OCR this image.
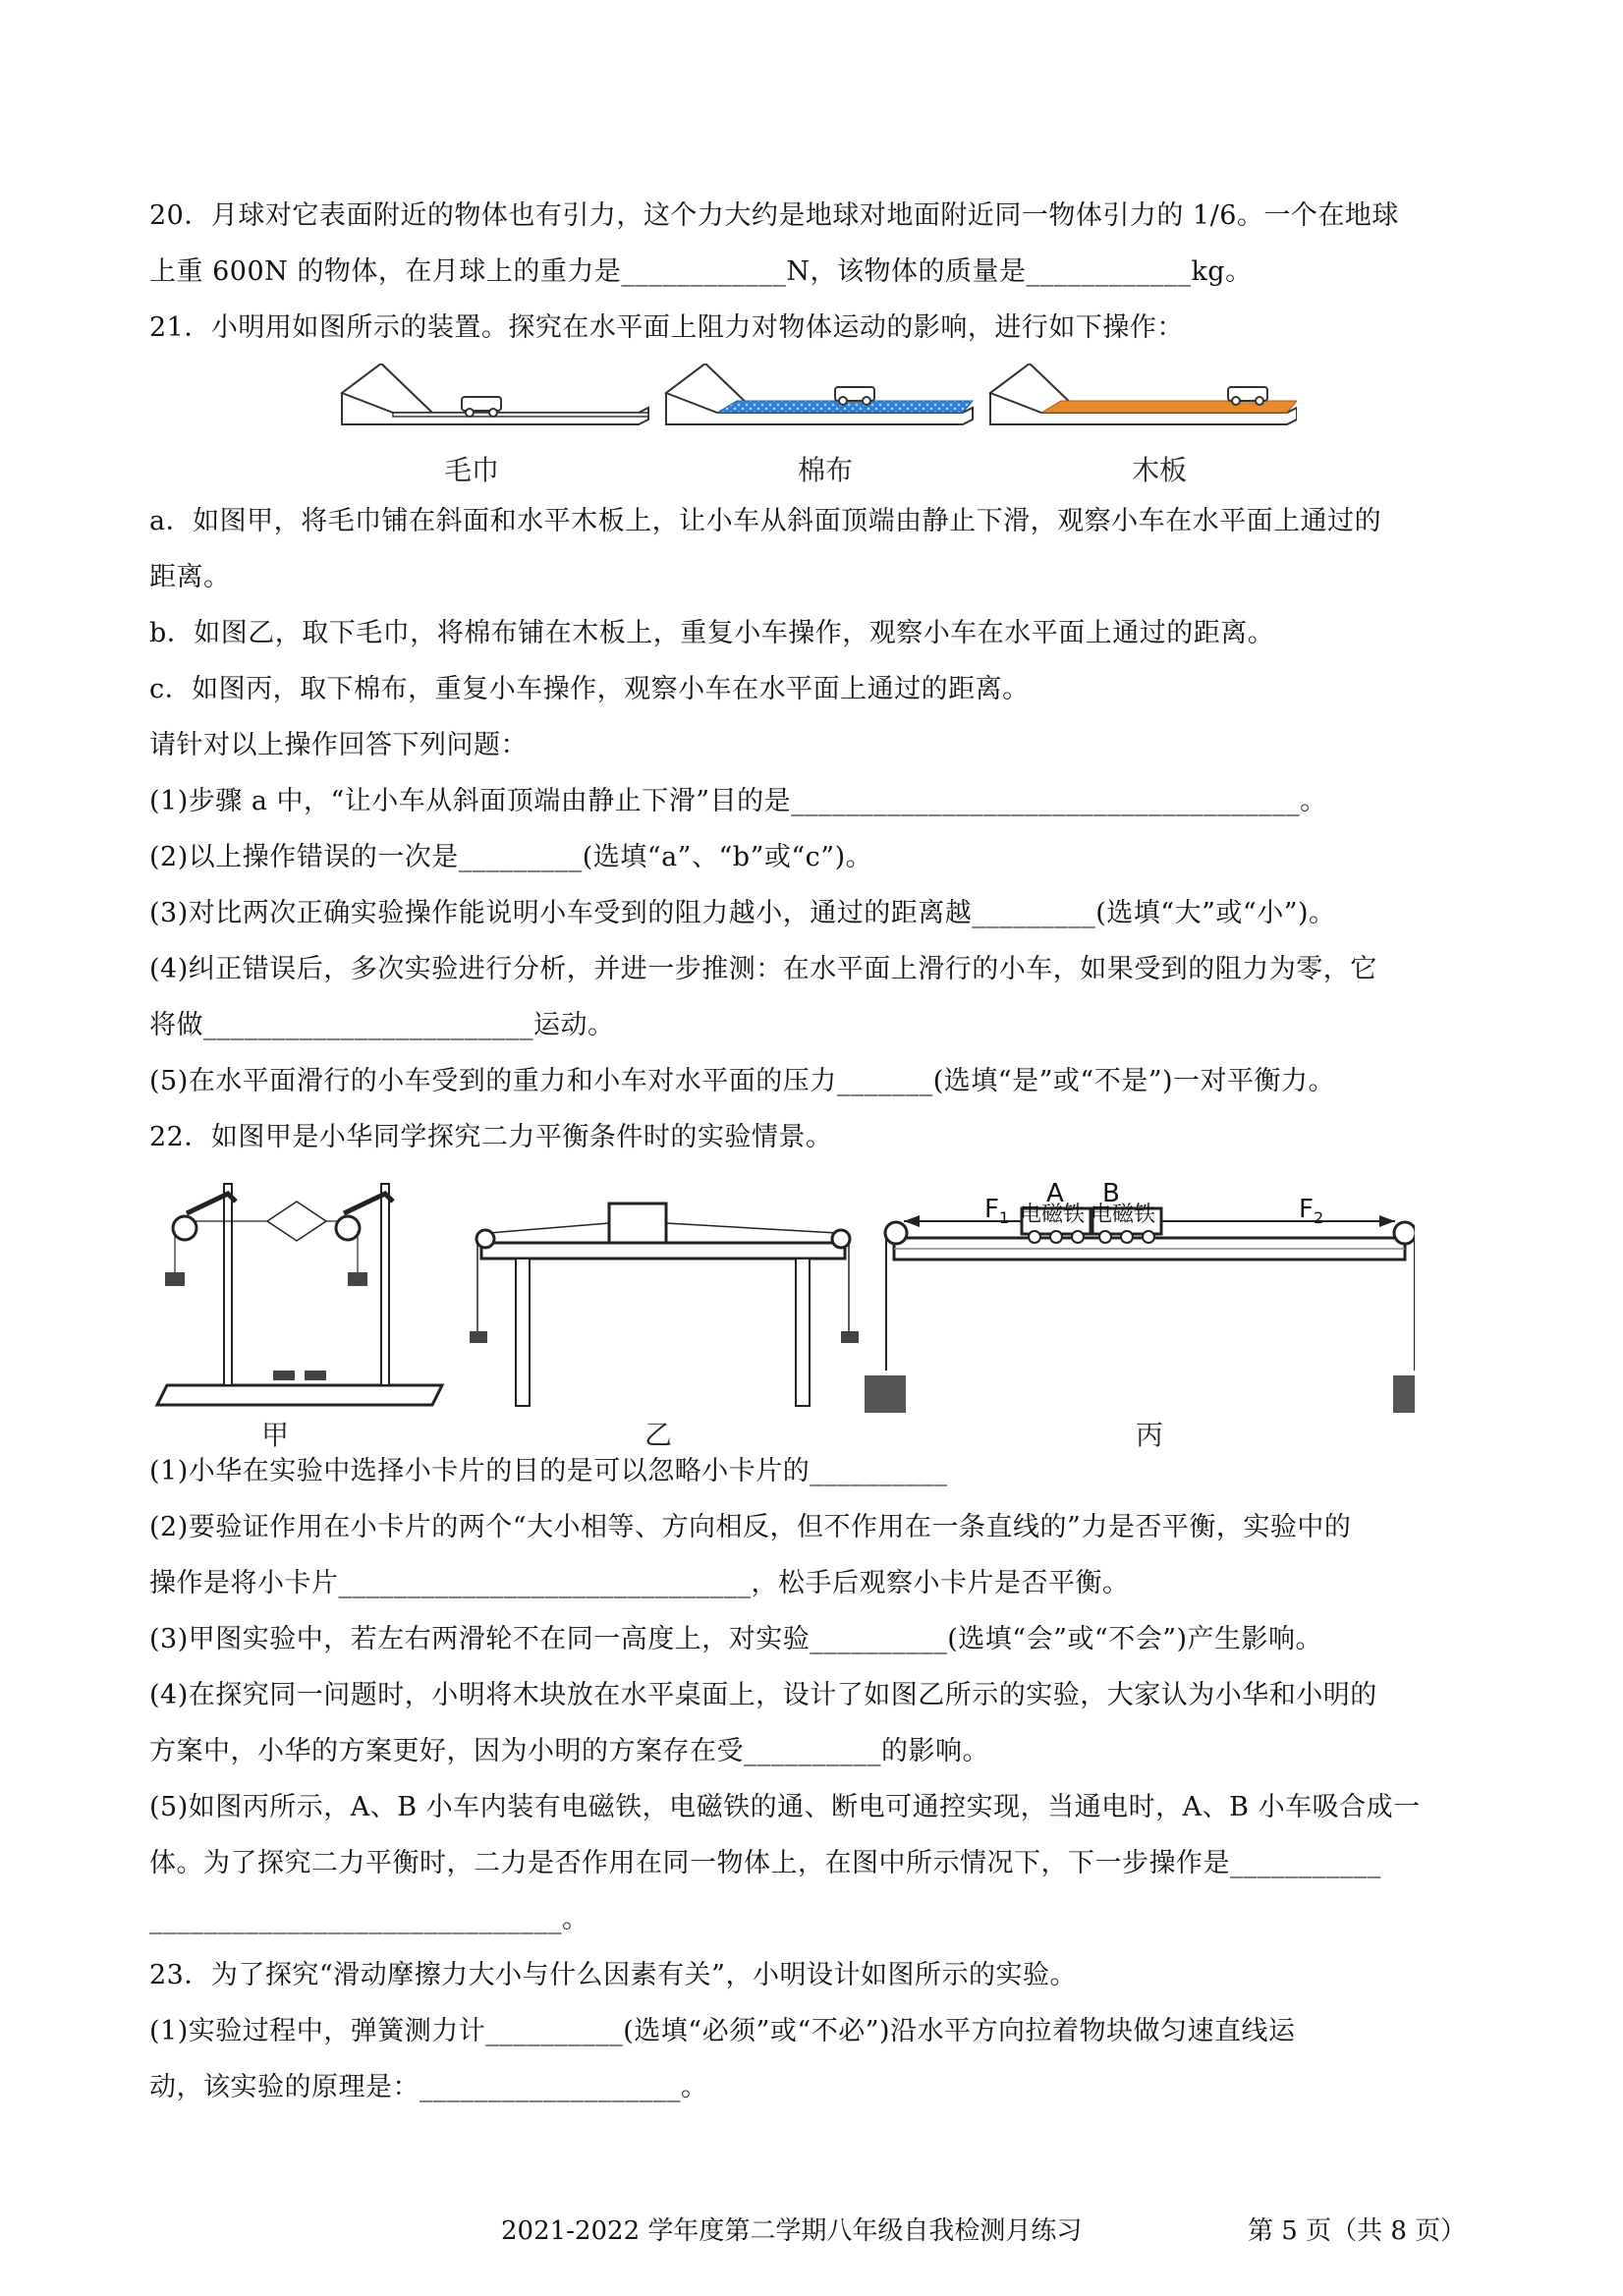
20．月球对它表面附近的物体也有引力，这个力大约是地球对地面附近同一物体引力的 1/6。一个在地球
上重 600N 的物体，在月球上的重力是____________N，该物体的质量是____________kg。
21．小明用如图所示的装置。探究在水平面上阻力对物体运动的影响，进行如下操作：
毛巾	棉布	木板
a．如图甲，将毛巾铺在斜面和水平木板上，让小车从斜面顶端由静止下滑，观察小车在水平面上通过的
距离。
b．如图乙，取下毛巾，将棉布铺在木板上，重复小车操作，观察小车在水平面上通过的距离。
c．如图丙，取下棉布，重复小车操作，观察小车在水平面上通过的距离。
请针对以上操作回答下列问题：
(1)步骤 a 中，“让小车从斜面顶端由静止下滑”目的是_____________________________________。
(2)以上操作错误的一次是_________(选填“a”、“b”或“c”)。
(3)对比两次正确实验操作能说明小车受到的阻力越小，通过的距离越_________(选填“大”或“小”)。
(4)纠正错误后，多次实验进行分析，并进一步推测：在水平面上滑行的小车，如果受到的阻力为零，它
将做________________________运动。
(5)在水平面滑行的小车受到的重力和小车对水平面的压力_______(选填“是”或“不是”)一对平衡力。
22．如图甲是小华同学探究二力平衡条件时的实验情景。
甲	乙
A B
电磁铁 电磁铁
$F_1$	$F_2$
丙
(1)小华在实验中选择小卡片的目的是可以忽略小卡片的__________
(2)要验证作用在小卡片的两个“大小相等、方向相反，但不作用在一条直线的”力是否平衡，实验中的
操作是将小卡片______________________________，松手后观察小卡片是否平衡。
(3)甲图实验中，若左右两滑轮不在同一高度上，对实验__________(选填“会”或“不会”)产生影响。
(4)在探究同一问题时，小明将木块放在水平桌面上，设计了如图乙所示的实验，大家认为小华和小明的
方案中，小华的方案更好，因为小明的方案存在受__________的影响。
(5)如图丙所示，A、B 小车内装有电磁铁，电磁铁的通、断电可通控实现，当通电时，A、B 小车吸合成一
体。为了探究二力平衡时，二力是否作用在同一物体上，在图中所示情况下，下一步操作是___________
______________________________。
23．为了探究“滑动摩擦力大小与什么因素有关”，小明设计如图所示的实验。
(1)实验过程中，弹簧测力计__________(选填“必须”或“不必”)沿水平方向拉着物块做匀速直线运
动，该实验的原理是：___________________。
2021-2022 学年度第二学期八年级自我检测月练习	第 5 页（共 8 页）
